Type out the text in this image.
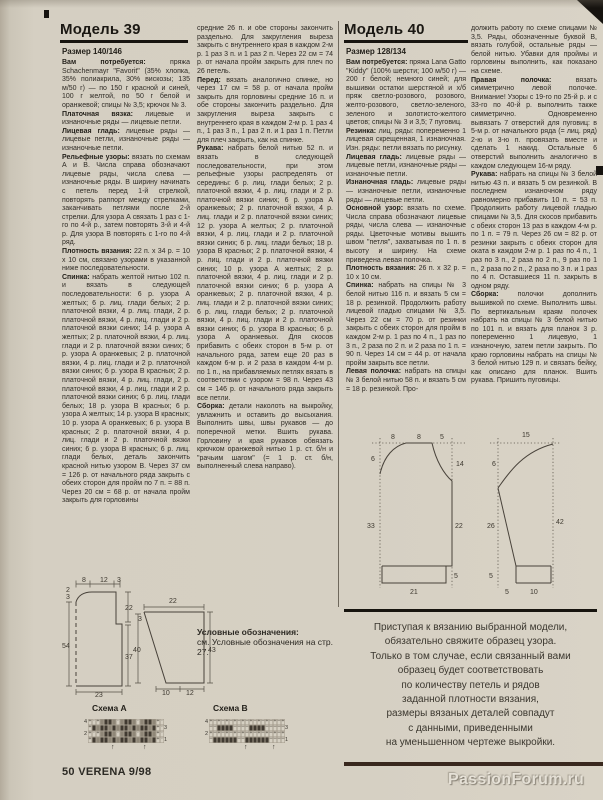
Модель 39
Размер 140/146

Вам потребуется: пряжа Schachenmayr "Favorit" (35% хлопка, 35% полиакрила, 30% вискозы; 135 м/50 г) — по 150 г красной и синей, 100 г желтой, по 50 г белой и оранжевой; спицы № 3,5; крючок № 3.

Платочная вязка: лицевые и изнаночные ряды — лицевые петли.

Лицевая гладь: лицевые ряды — лицевые петли, изнаночные ряды — изнаночные петли.

Рельефные узоры: вязать по схемам А и В. Числа справа обозначают лицевые ряды, числа слева — изнаночные ряды. В ширину начинать с петель перед 1-й стрелкой, повторять раппорт между стрелками, заканчивать петлями после 2-й стрелки. Для узора А связать 1 раз с 1-го по 4-й р., затем повторять 3-й и 4-й р. Для узора В повторять с 1-го по 4-й ряд.

Плотность вязания: 22 п. x 34 р. = 10 x 10 см, связано узорами в указанной ниже последовательности.

Спинка: набрать желтой нитью 102 п. и вязать в следующей последовательности: 6 р. узора А желтых; 6 р. лиц. глади белых; 2 р. платочной вязки, 4 р. лиц. глади, 2 р. платочной вязки, 4 р. лиц. глади и 2 р. платочной вязки синих; 14 р. узора А желтых; 2 р. платочной вязки, 4 р. лиц. глади и 2 р. платочной вязки синих; 6 р. узора А оранжевых; 2 р. платочной вязки, 4 р. лиц. глади и 2 р. платочной вязки синих; 6 р. узора В красных; 2 р. платочной вязки, 4 р. лиц. глади, 2 р. платочной вязки, 4 р. лиц. глади и 2 р. платочной вязки синих; 6 р. лиц. глади белых; 18 р. узора В красных; 6 р. узора А желтых; 14 р. узора В красных; 10 р. узора А оранжевых; 6 р. узора В красных; 2 р. платочной вязки, 4 р. лиц. глади и 2 р. платочной вязки синих; 6 р. узора В красных; 6 р. лиц. глади белых, деталь закончить красной нитью узором В. Через 37 см = 126 р. от начального ряда закрыть с обеих сторон для пройм по 7 п. = 88 п. Через 20 см = 68 р. от начала пройм закрыть для горловины

средние 26 п. и обе стороны закончить раздельно. Для закругления выреза закрыть с внутреннего края в каждом 2-м р. 1 раз 3 п. и 1 раз 2 п. Через 22 см = 74 р. от начала пройм закрыть для плеч по 26 петель.

Перед: вязать аналогично спинке, но через 17 см = 58 р. от начала пройм закрыть для горловины средние 16 п. и обе стороны закончить раздельно. Для закругления выреза закрыть с внутреннего края в каждом 2-м р. 1 раз 4 п., 1 раз 3 п., 1 раз 2 п. и 1 раз 1 п. Петли для плеч закрыть, как на спинке.

Рукава: набрать белой нитью 52 п. и вязать в следующей последовательности, при этом рельефные узоры распределять от середины: 6 р. лиц. глади белых; 2 р. платочной вязки, 4 р. лиц. глади и 2 р. платочной вязки синих; 6 р. узора А оранжевых; 2 р. платочной вязки, 4 р. лиц. глади и 2 р. платочной вязки синих; 12 р. узора А желтых; 2 р. платочной вязки, 4 р. лиц. глади и 2 р. платочной вязки синих; 6 р. лиц. глади белых; 18 р. узора В красных; 2 р. платочной вязки, 4 р. лиц. глади и 2 р. платочной вязки синих; 10 р. узора А желтых; 2 р. платочной вязки, 4 р. лиц. глади и 2 р. платочной вязки синих; 6 р. узора А оранжевых; 2 р. платочной вязки, 4 р. лиц. глади и 2 р. платочной вязки синих; 6 р. лиц. глади белых; 2 р. платочной вязки, 4 р. лиц. глади и 2 р. платочной вязки синих; 6 р. узора В красных; 6 р. узора А оранжевых. Для скосов прибавить с обеих сторон в 5-м р. от начального ряда, затем еще 20 раз в каждом 6-м р. и 2 раза в каждом 4-м р. по 1 п., на прибавляемых петлях вязать в соответствии с узором = 98 п. Через 43 см = 146 р. от начального ряда закрыть все петли.

Сборка: детали наколоть на выкройку, увлажнить и оставить до высыхания. Выполнить швы, швы рукавов — до поперечной метки. Вшить рукава. Горловину и края рукавов обвязать крючком оранжевой нитью 1 р. ст. б/н и "рачьим шагом" (= 1 р. ст. б/н, выполненный слева направо).

Условные обозначения:
см. Условные обозначения на стр. 27.
8 12 3
2
3
54
22
37
23
22
3
40	43
10 12
Схема A
4 + · +	·	·	+ ·
+	+ · 3
2 + · +	·	·	+ ·
+	+ · 1
↑	↑
Схема B
4 + – + – + – + – + – + – + – + – + – +
– –	– – – –	– – – – – 3
2 + – + – + – + – + – + – + – + – + – +
–	– –	– – – – 1
↑	↑
Модель 40
Размер 128/134

Вам потребуется: пряжа Lana Gatto "Kiddy" (100% шерсти; 100 м/50 г) — 200 г белой; немного синей; для вышивки остатки шерстяной и х/б пряж светло-розового, розового, желто-розового, светло-зеленого, зеленого и золотисто-желтого цветов; спицы № 3 и 3,5; 7 пуговиц.

Резинка: лиц. ряды: попеременно 1 лицевая скрещенная, 1 изнаночная. Изн. ряды: петли вязать по рисунку.

Лицевая гладь: лицевые ряды — лицевые петли, изнаночные ряды — изнаночные петли.

Изнаночная гладь: лицевые ряды — изнаночные петли, изнаночные ряды — лицевые петли.

Основной узор: вязать по схеме. Числа справа обозначают лицевые ряды, числа слева — изнаночные ряды. Цветочные мотивы вышить швом "петля", захватывая по 1 п. в высоту и ширину. На схеме приведена левая полочка.

Плотность вязания: 26 п. x 32 р. = 10 x 10 см.

Спинка: набрать на спицы № 3 белой нитью 116 п. и вязать 5 см = 18 р. резинкой. Продолжить работу лицевой гладью спицами № 3,5. Через 22 см = 70 р. от резинки закрыть с обеих сторон для пройм в каждом 2-м р. 1 раз по 4 п., 1 раз по 3 п., 2 раза по 2 п. и 2 раза по 1 п. = 90 п. Через 14 см = 44 р. от начала пройм закрыть все петли.

Левая полочка: набрать на спицы № 3 белой нитью 58 п. и вязать 5 см = 18 р. резинкой. Про-

должить работу по схеме спицами № 3,5. Ряды, обозначенные буквой В, вязать голубой, остальные ряды — белой нитью. Убавки для проймы и горловины выполнить, как показано на схеме.

Правая полочка: вязать симметрично левой полочке. Внимание! Узоры с 19-го по 25-й р. и с 33-го по 40-й р. выполнить также симметрично. Одновременно вывязать 7 отверстий для пуговиц: в 5-м р. от начального ряда (= лиц. ряд) 2-ю и 3-ю п. провязать вместе и сделать 1 накид. Остальные 6 отверстий выполнить аналогично в каждом следующем 16-м ряду.

Рукава: набрать на спицы № 3 белой нитью 43 п. и вязать 5 см резинкой. В последнем изнаночном ряду равномерно прибавить 10 п. = 53 п. Продолжить работу лицевой гладью спицами № 3,5. Для скосов прибавить с обеих сторон 13 раз в каждом 4-м р. по 1 п. = 79 п. Через 26 см = 82 р. от резинки закрыть с обеих сторон для оката в каждом 2-м р. 1 раз по 4 п., 1 раз по 3 п., 2 раза по 2 п., 9 раз по 1 п., 2 раза по 2 п., 2 раза по 3 п. и 1 раз по 4 п. Оставшиеся 11 п. закрыть в одном ряду.

Сборка: полочки дополнить вышивкой по схеме. Выполнить швы. По вертикальным краям полочек набрать на спицы № 3 белой нитью по 101 п. и вязать для планок 3 р. попеременно 1 лицевую, 1 изнаночную, затем петли закрыть. По краю горловины набрать на спицы № 3 белой нитью 129 п. и связать бейку, как описано для планок. Вшить рукава. Пришить пуговицы.

8	8	5
6
33
14
22
5
21
15
6
26
42
5
5	10
Приступая к вязанию выбранной модели,
обязательно свяжите образец узора.
Только в том случае, если связанный вами
образец будет соответствовать
по количеству петель и рядов
заданной плотности вязания,
размеры вязаных деталей совпадут
с данными, приведенными
на уменьшенном чертеже выкройки.
50 VERENA 9/98	PassionForum.ru
